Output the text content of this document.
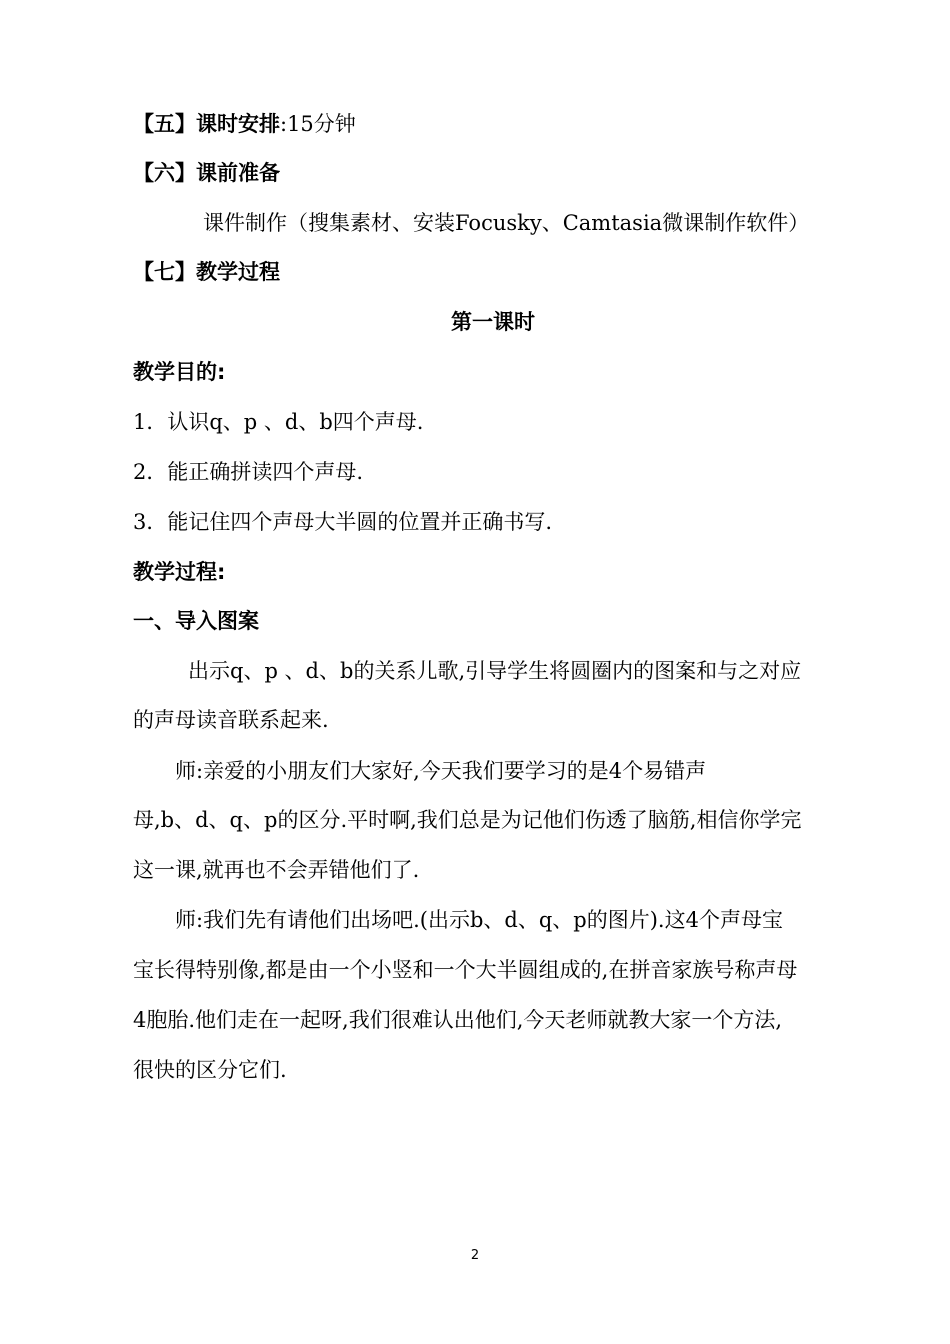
【五】课时安排:15分钟
【六】课前准备
课件制作（搜集素材、安装Focusky、Camtasia微课制作软件）
【七】教学过程
第一课时
教学目的:
1．认识q、p 、d、b四个声母.
2．能正确拼读四个声母.
3．能记住四个声母大半圆的位置并正确书写.
教学过程:
一、导入图案
出示q、p 、d、b的关系儿歌,引导学生将圆圈内的图案和与之对应
的声母读音联系起来.
师:亲爱的小朋友们大家好,今天我们要学习的是4个易错声
母,b、d、q、p的区分.平时啊,我们总是为记他们伤透了脑筋,相信你学完
这一课,就再也不会弄错他们了.
师:我们先有请他们出场吧.(出示b、d、q、p的图片).这4个声母宝
宝长得特别像,都是由一个小竖和一个大半圆组成的,在拼音家族号称声母
4胞胎.他们走在一起呀,我们很难认出他们,今天老师就教大家一个方法,
很快的区分它们.
2
